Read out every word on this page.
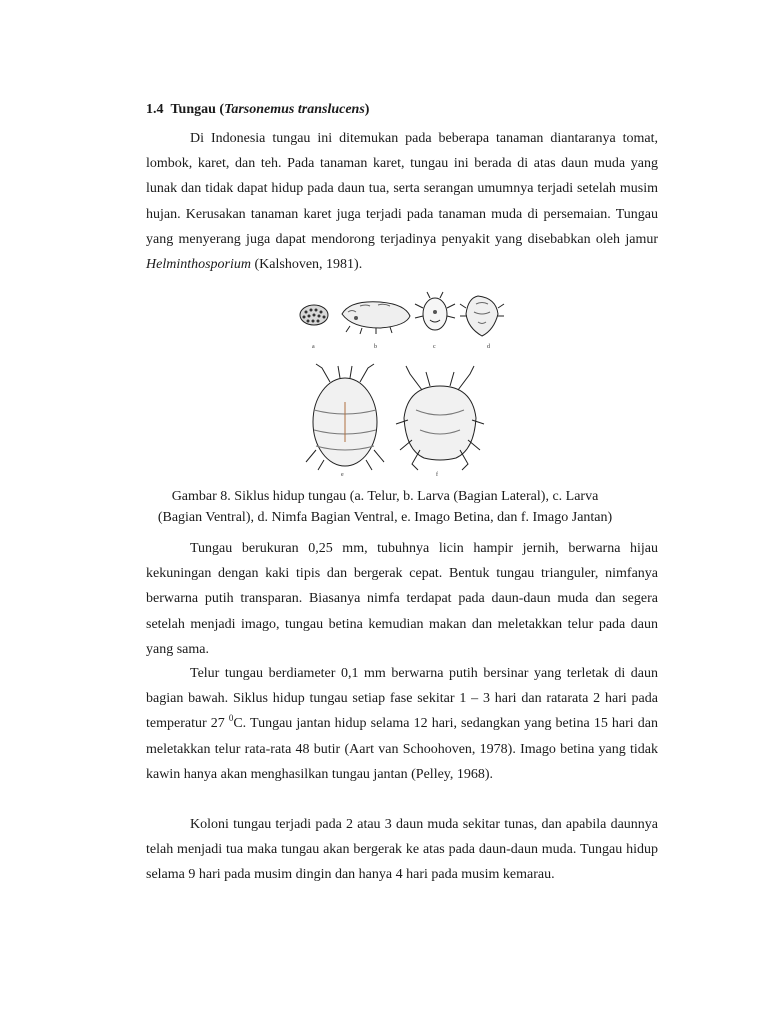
1.4 Tungau (Tarsonemus translucens)
Di Indonesia tungau ini ditemukan pada beberapa tanaman diantaranya tomat, lombok, karet, dan teh. Pada tanaman karet, tungau ini berada di atas daun muda yang lunak dan tidak dapat hidup pada daun tua, serta serangan umumnya terjadi setelah musim hujan. Kerusakan tanaman karet juga terjadi pada tanaman muda di persemaian. Tungau yang menyerang juga dapat mendorong terjadinya penyakit yang disebabkan oleh jamur Helminthosporium (Kalshoven, 1981).
a	b	c	d
e	f
Gambar 8. Siklus hidup tungau (a. Telur, b. Larva (Bagian Lateral), c. Larva
(Bagian Ventral), d. Nimfa Bagian Ventral, e. Imago Betina, dan f. Imago Jantan)
Tungau berukuran 0,25 mm, tubuhnya licin hampir jernih, berwarna hijau kekuningan dengan kaki tipis dan bergerak cepat. Bentuk tungau trianguler, nimfanya berwarna putih transparan. Biasanya nimfa terdapat pada daun-daun muda dan segera setelah menjadi imago, tungau betina kemudian makan dan meletakkan telur pada daun yang sama.
Telur tungau berdiameter 0,1 mm berwarna putih bersinar yang terletak di daun bagian bawah. Siklus hidup tungau setiap fase sekitar 1 – 3 hari dan ratarata 2 hari pada temperatur 27 $^0$C. Tungau jantan hidup selama 12 hari, sedangkan yang betina 15 hari dan meletakkan telur rata-rata 48 butir (Aart van Schoohoven, 1978). Imago betina yang tidak kawin hanya akan menghasilkan tungau jantan (Pelley, 1968).
Koloni tungau terjadi pada 2 atau 3 daun muda sekitar tunas, dan apabila daunnya telah menjadi tua maka tungau akan bergerak ke atas pada daun-daun muda. Tungau hidup selama 9 hari pada musim dingin dan hanya 4 hari pada musim kemarau.
